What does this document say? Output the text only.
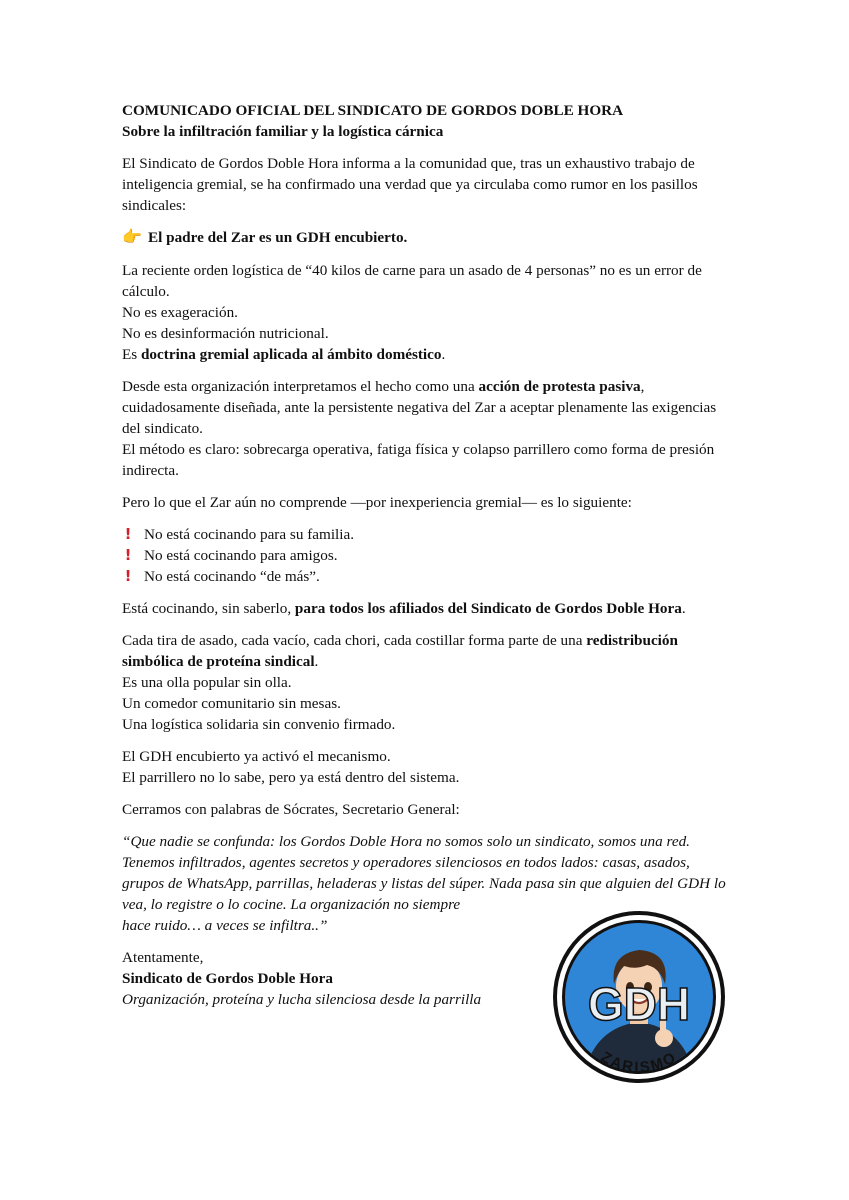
COMUNICADO OFICIAL DEL SINDICATO DE GORDOS DOBLE HORA
Sobre la infiltración familiar y la logística cárnica

El Sindicato de Gordos Doble Hora informa a la comunidad que, tras un exhaustivo trabajo de inteligencia gremial, se ha confirmado una verdad que ya circulaba como rumor en los pasillos sindicales:

👉 El padre del Zar es un GDH encubierto.

La reciente orden logística de “40 kilos de carne para un asado de 4 personas” no es un error de cálculo.
No es exageración.
No es desinformación nutricional.
Es doctrina gremial aplicada al ámbito doméstico.

Desde esta organización interpretamos el hecho como una acción de protesta pasiva, cuidadosamente diseñada, ante la persistente negativa del Zar a aceptar plenamente las exigencias del sindicato.
El método es claro: sobrecarga operativa, fatiga física y colapso parrillero como forma de presión indirecta.

Pero lo que el Zar aún no comprende —por inexperiencia gremial— es lo siguiente:

! No está cocinando para su familia.
! No está cocinando para amigos.
! No está cocinando “de más”.

Está cocinando, sin saberlo, para todos los afiliados del Sindicato de Gordos Doble Hora.

Cada tira de asado, cada vacío, cada chori, cada costillar forma parte de una redistribución simbólica de proteína sindical.
Es una olla popular sin olla.
Un comedor comunitario sin mesas.
Una logística solidaria sin convenio firmado.

El GDH encubierto ya activó el mecanismo.
El parrillero no lo sabe, pero ya está dentro del sistema.

Cerramos con palabras de Sócrates, Secretario General:

“Que nadie se confunda: los Gordos Doble Hora no somos solo un sindicato, somos una red. Tenemos infiltrados, agentes secretos y operadores silenciosos en todos lados: casas, asados, grupos de WhatsApp, parrillas, heladeras y listas del súper. Nada pasa sin que alguien del GDH lo vea, lo registre o lo cocine. La organización no siempre
hace ruido… a veces se infiltra..”

Atentamente,
Sindicato de Gordos Doble Hora
Organización, proteína y lucha silenciosa desde la parrilla	GDH
ZARISMO
